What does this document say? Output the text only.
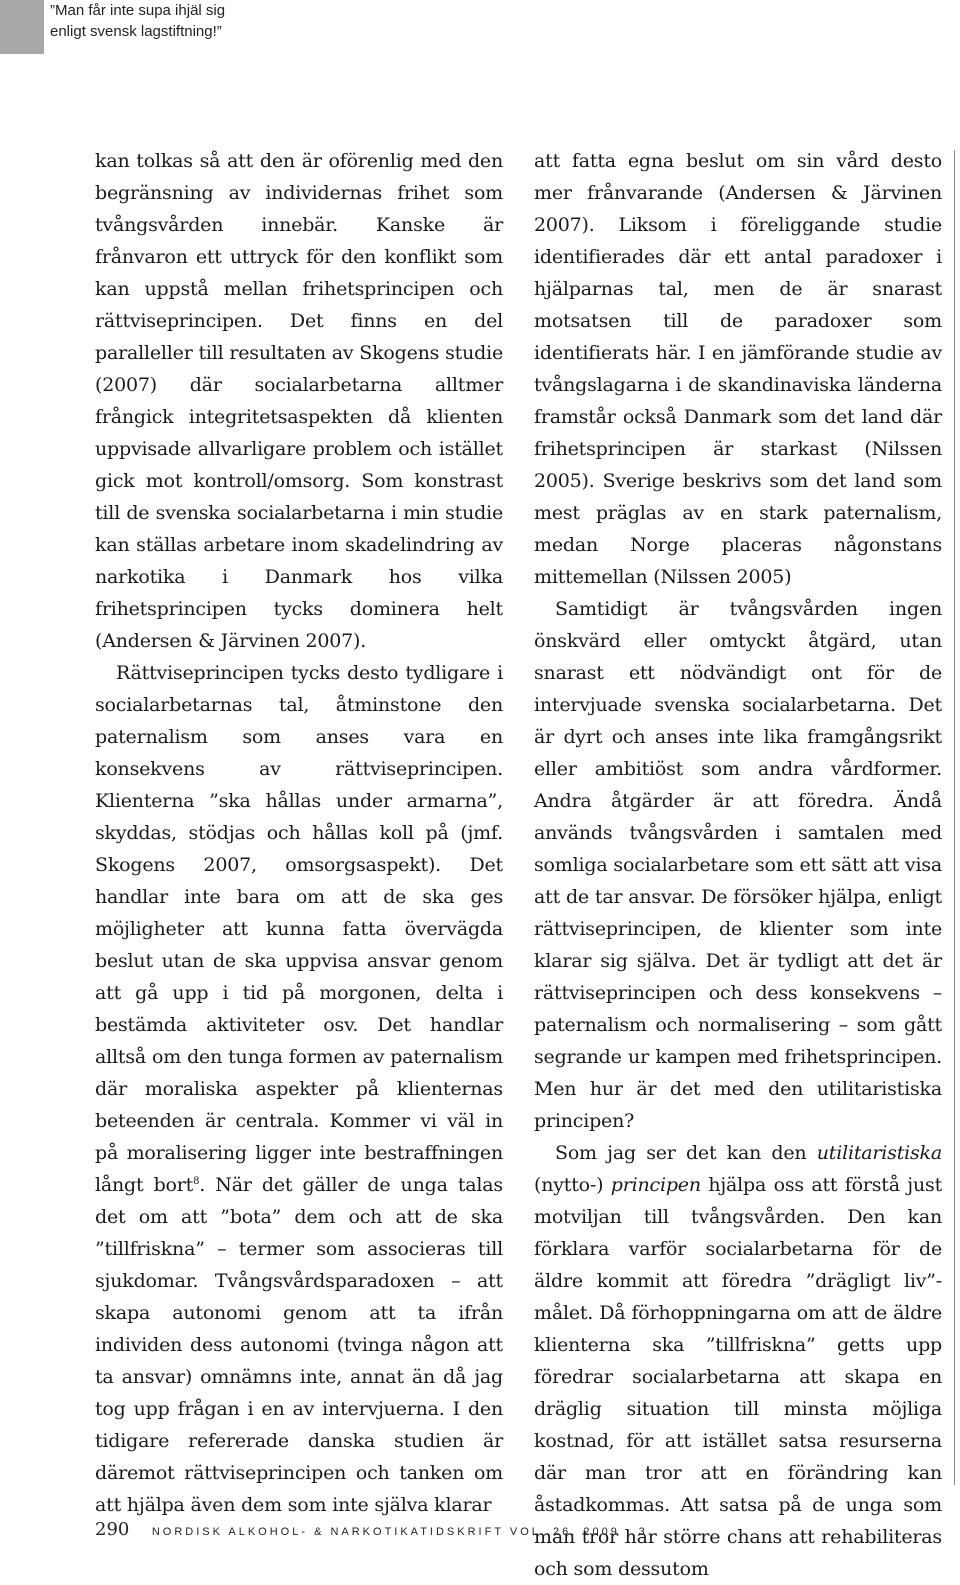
”Man får inte supa ihjäl sig
enligt svensk lagstiftning!”

kan tolkas så att den är oförenlig med den begränsning av individernas frihet som tvångsvården innebär. Kanske är frånvaron ett uttryck för den konflikt som kan uppstå mellan frihetsprincipen och rättviseprincipen. Det finns en del paralleller till resultaten av Skogens studie (2007) där socialarbetarna alltmer frångick integritetsaspekten då klienten uppvisade allvarligare problem och istället gick mot kontroll/omsorg. Som konstrast till de svenska socialarbetarna i min studie kan ställas arbetare inom skadelindring av narkotika i Danmark hos vilka frihetsprincipen tycks dominera helt (Andersen & Järvinen 2007).

Rättviseprincipen tycks desto tydligare i socialarbetarnas tal, åtminstone den paternalism som anses vara en konsekvens av rättviseprincipen. Klienterna ”ska hållas under armarna”, skyddas, stödjas och hållas koll på (jmf. Skogens 2007, omsorgsaspekt). Det handlar inte bara om att de ska ges möjligheter att kunna fatta övervägda beslut utan de ska uppvisa ansvar genom att gå upp i tid på morgonen, delta i bestämda aktiviteter osv. Det handlar alltså om den tunga formen av paternalism där moraliska aspekter på klienternas beteenden är centrala. Kommer vi väl in på moralisering ligger inte bestraffningen långt bort$^8$. När det gäller de unga talas det om att ”bota” dem och att de ska ”tillfriskna” – termer som associeras till sjukdomar. Tvångsvårdsparadoxen – att skapa autonomi genom att ta ifrån individen dess autonomi (tvinga någon att ta ansvar) omnämns inte, annat än då jag tog upp frågan i en av intervjuerna. I den tidigare refererade danska studien är däremot rättviseprincipen och tanken om att hjälpa även dem som inte själva klarar

att fatta egna beslut om sin vård desto mer frånvarande (Andersen & Järvinen 2007). Liksom i föreliggande studie identifierades där ett antal paradoxer i hjälparnas tal, men de är snarast motsatsen till de paradoxer som identifierats här. I en jämförande studie av tvångslagarna i de skandinaviska länderna framstår också Danmark som det land där frihetsprincipen är starkast (Nilssen 2005). Sverige beskrivs som det land som mest präglas av en stark paternalism, medan Norge placeras någonstans mittemellan (Nilssen 2005)

Samtidigt är tvångsvården ingen önskvärd eller omtyckt åtgärd, utan snarast ett nödvändigt ont för de intervjuade svenska socialarbetarna. Det är dyrt och anses inte lika framgångsrikt eller ambitiöst som andra vårdformer. Andra åtgärder är att föredra. Ändå används tvångsvården i samtalen med somliga socialarbetare som ett sätt att visa att de tar ansvar. De försöker hjälpa, enligt rättviseprincipen, de klienter som inte klarar sig själva. Det är tydligt att det är rättviseprincipen och dess konsekvens – paternalism och normalisering – som gått segrande ur kampen med frihetsprincipen. Men hur är det med den utilitaristiska principen?

Som jag ser det kan den utilitaristiska (nytto-) principen hjälpa oss att förstå just motviljan till tvångsvården. Den kan förklara varför socialarbetarna för de äldre kommit att föredra ”drägligt liv”-målet. Då förhoppningarna om att de äldre klienterna ska ”tillfriskna” getts upp föredrar socialarbetarna att skapa en dräglig situation till minsta möjliga kostnad, för att istället satsa resurserna där man tror att en förändring kan åstadkommas. Att satsa på de unga som man tror har större chans att rehabiliteras och som dessutom

290 NORDISK ALKOHOL- & NARKOTIKATIDSKRIFT VOL. 26. 2009 · 3
